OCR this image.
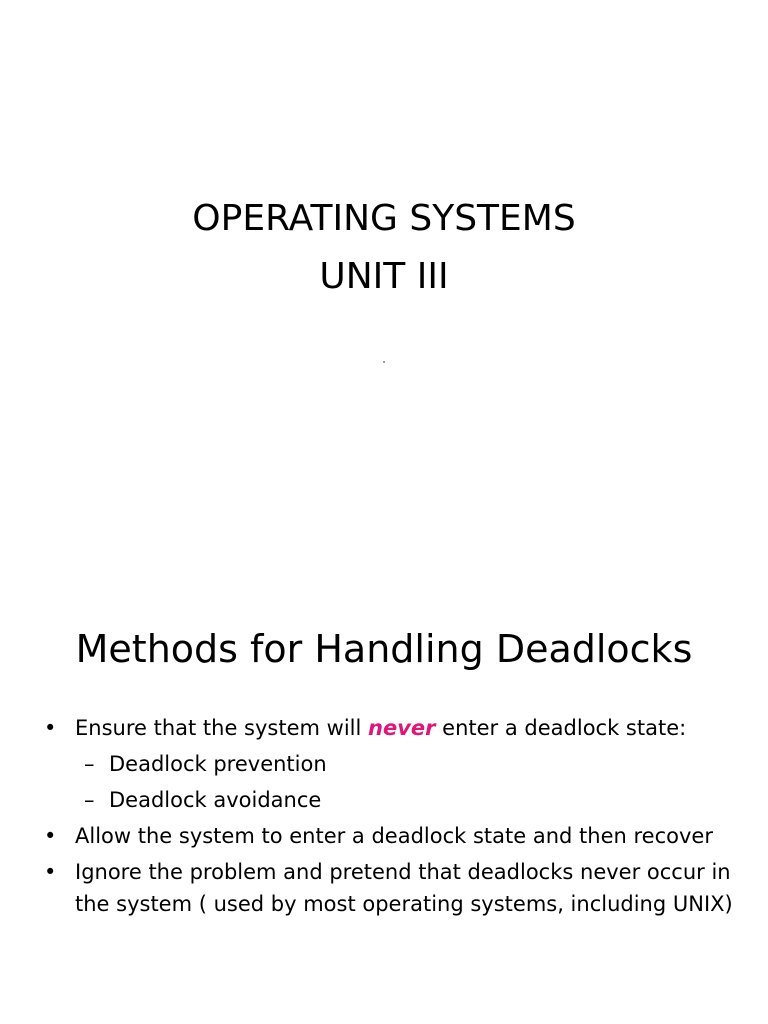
OPERATING SYSTEMS
UNIT III
.
Methods for Handling Deadlocks
• Ensure that the system will never enter a deadlock state:
– Deadlock prevention
– Deadlock avoidance
• Allow the system to enter a deadlock state and then recover
• Ignore the problem and pretend that deadlocks never occur in the system ( used by most operating systems, including UNIX)
